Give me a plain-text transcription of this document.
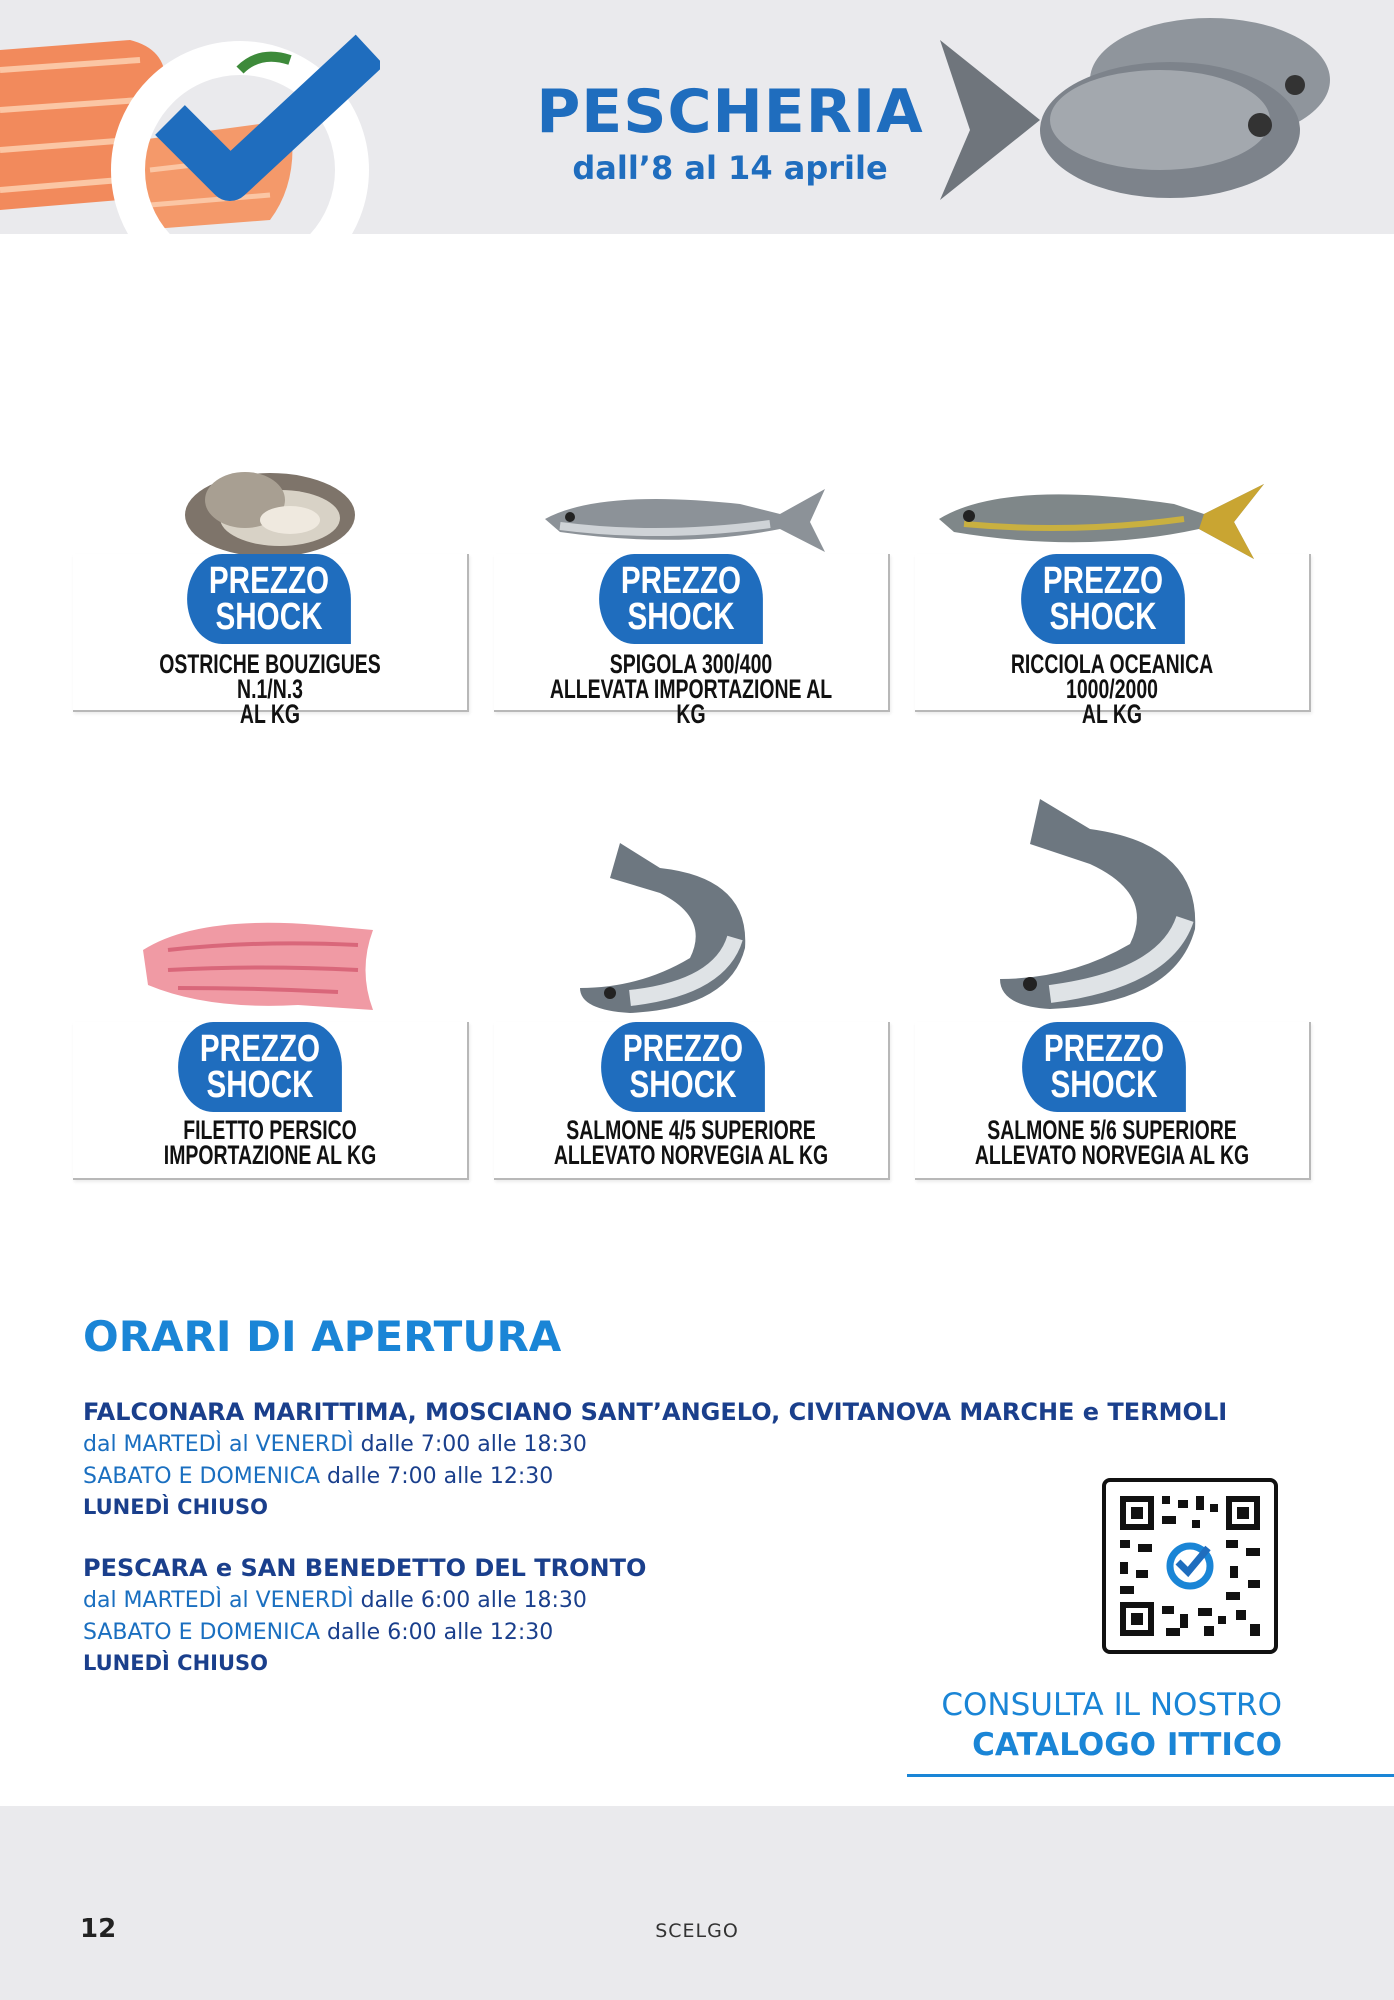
PESCHERIA

dall’8 al 14 aprile

PREZZO
SHOCK
OSTRICHE BOUZIGUES N.1/N.3
AL KG
PREZZO
SHOCK
SPIGOLA 300/400
ALLEVATA IMPORTAZIONE AL KG
PREZZO
SHOCK
RICCIOLA OCEANICA 1000/2000
AL KG
PREZZO
SHOCK
FILETTO PERSICO
IMPORTAZIONE AL KG
PREZZO
SHOCK
SALMONE 4/5 SUPERIORE
ALLEVATO NORVEGIA AL KG
PREZZO
SHOCK
SALMONE 5/6 SUPERIORE
ALLEVATO NORVEGIA AL KG
ORARI DI APERTURA

FALCONARA MARITTIMA, MOSCIANO SANT’ANGELO, CIVITANOVA MARCHE e TERMOLI

dal MARTEDÌ al VENERDÌ dalle 7:00 alle 18:30

SABATO E DOMENICA dalle 7:00 alle 12:30

LUNEDÌ CHIUSO

PESCARA e SAN BENEDETTO DEL TRONTO

dal MARTEDÌ al VENERDÌ dalle 6:00 alle 18:30

SABATO E DOMENICA dalle 6:00 alle 12:30

LUNEDÌ CHIUSO

CONSULTA IL NOSTRO

CATALOGO ITTICO

12	SCELGO
